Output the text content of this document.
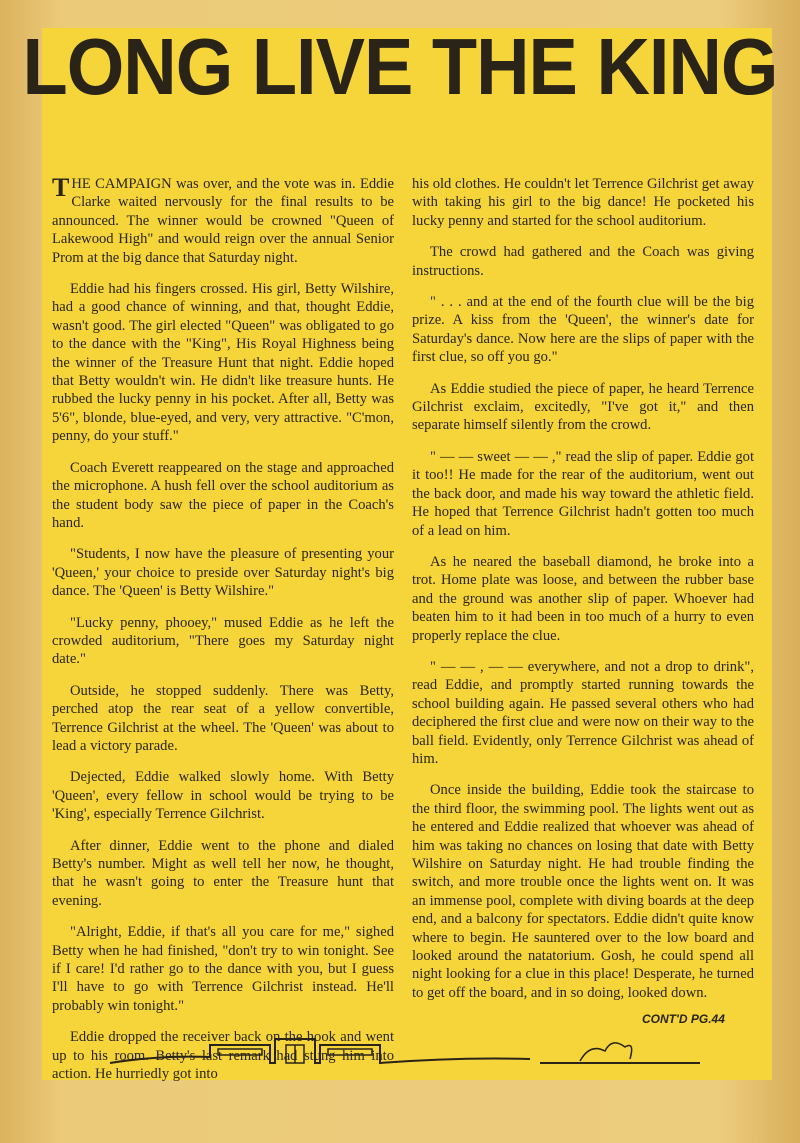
LONG LIVE THE KING

THE CAMPAIGN was over, and the vote was in. Eddie Clarke waited nervously for the final results to be announced. The winner would be crowned "Queen of Lakewood High" and would reign over the annual Senior Prom at the big dance that Saturday night.

Eddie had his fingers crossed. His girl, Betty Wilshire, had a good chance of winning, and that, thought Eddie, wasn't good. The girl elected "Queen" was obligated to go to the dance with the "King", His Royal Highness being the winner of the Treasure Hunt that night. Eddie hoped that Betty wouldn't win. He didn't like treasure hunts. He rubbed the lucky penny in his pocket. After all, Betty was 5'6", blonde, blue-eyed, and very, very attractive. "C'mon, penny, do your stuff."

Coach Everett reappeared on the stage and approached the microphone. A hush fell over the school auditorium as the student body saw the piece of paper in the Coach's hand.

"Students, I now have the pleasure of presenting your 'Queen,' your choice to preside over Saturday night's big dance. The 'Queen' is Betty Wilshire."

"Lucky penny, phooey," mused Eddie as he left the crowded auditorium, "There goes my Saturday night date."

Outside, he stopped suddenly. There was Betty, perched atop the rear seat of a yellow convertible, Terrence Gilchrist at the wheel. The 'Queen' was about to lead a victory parade.

Dejected, Eddie walked slowly home. With Betty 'Queen', every fellow in school would be trying to be 'King', especially Terrence Gilchrist.

After dinner, Eddie went to the phone and dialed Betty's number. Might as well tell her now, he thought, that he wasn't going to enter the Treasure hunt that evening.

"Alright, Eddie, if that's all you care for me," sighed Betty when he had finished, "don't try to win tonight. See if I care! I'd rather go to the dance with you, but I guess I'll have to go with Terrence Gilchrist instead. He'll probably win tonight."

Eddie dropped the receiver back on the hook and went up to his room. Betty's last remark had stung him into action. He hurriedly got into

his old clothes. He couldn't let Terrence Gilchrist get away with taking his girl to the big dance! He pocketed his lucky penny and started for the school auditorium.

The crowd had gathered and the Coach was giving instructions.

" . . . and at the end of the fourth clue will be the big prize. A kiss from the 'Queen', the winner's date for Saturday's dance. Now here are the slips of paper with the first clue, so off you go."

As Eddie studied the piece of paper, he heard Terrence Gilchrist exclaim, excitedly, "I've got it," and then separate himself silently from the crowd.

" — — sweet — — ," read the slip of paper. Eddie got it too!! He made for the rear of the auditorium, went out the back door, and made his way toward the athletic field. He hoped that Terrence Gilchrist hadn't gotten too much of a lead on him.

As he neared the baseball diamond, he broke into a trot. Home plate was loose, and between the rubber base and the ground was another slip of paper. Whoever had beaten him to it had been in too much of a hurry to even properly replace the clue.

" — — , — — everywhere, and not a drop to drink", read Eddie, and promptly started running towards the school building again. He passed several others who had deciphered the first clue and were now on their way to the ball field. Evidently, only Terrence Gilchrist was ahead of him.

Once inside the building, Eddie took the staircase to the third floor, the swimming pool. The lights went out as he entered and Eddie realized that whoever was ahead of him was taking no chances on losing that date with Betty Wilshire on Saturday night. He had trouble finding the switch, and more trouble once the lights went on. It was an immense pool, complete with diving boards at the deep end, and a balcony for spectators. Eddie didn't quite know where to begin. He sauntered over to the low board and looked around the natatorium. Gosh, he could spend all night looking for a clue in this place! Desperate, he turned to get off the board, and in so doing, looked down.

CONT'D PG.44
